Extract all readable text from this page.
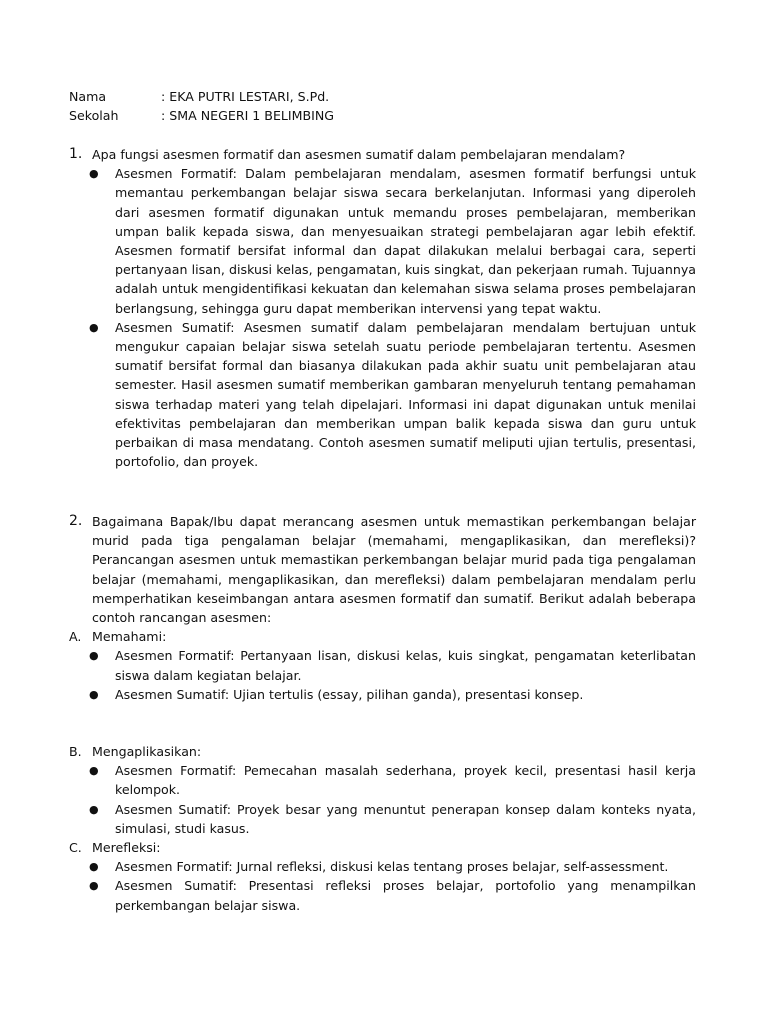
Nama	: EKA PUTRI LESTARI, S.Pd.
Sekolah	: SMA NEGERI 1 BELIMBING
1. Apa fungsi asesmen formatif dan asesmen sumatif dalam pembelajaran mendalam?
● Asesmen Formatif: Dalam pembelajaran mendalam, asesmen formatif berfungsi untuk memantau perkembangan belajar siswa secara berkelanjutan. Informasi yang diperoleh dari asesmen formatif digunakan untuk memandu proses pembelajaran, memberikan umpan balik kepada siswa, dan menyesuaikan strategi pembelajaran agar lebih efektif. Asesmen formatif bersifat informal dan dapat dilakukan melalui berbagai cara, seperti pertanyaan lisan, diskusi kelas, pengamatan, kuis singkat, dan pekerjaan rumah. Tujuannya adalah untuk mengidentifikasi kekuatan dan kelemahan siswa selama proses pembelajaran berlangsung, sehingga guru dapat memberikan intervensi yang tepat waktu.
● Asesmen Sumatif: Asesmen sumatif dalam pembelajaran mendalam bertujuan untuk mengukur capaian belajar siswa setelah suatu periode pembelajaran tertentu. Asesmen sumatif bersifat formal dan biasanya dilakukan pada akhir suatu unit pembelajaran atau semester. Hasil asesmen sumatif memberikan gambaran menyeluruh tentang pemahaman siswa terhadap materi yang telah dipelajari. Informasi ini dapat digunakan untuk menilai efektivitas pembelajaran dan memberikan umpan balik kepada siswa dan guru untuk perbaikan di masa mendatang. Contoh asesmen sumatif meliputi ujian tertulis, presentasi, portofolio, dan proyek.
2. Bagaimana Bapak/Ibu dapat merancang asesmen untuk memastikan perkembangan belajar murid pada tiga pengalaman belajar (memahami, mengaplikasikan, dan merefleksi)? Perancangan asesmen untuk memastikan perkembangan belajar murid pada tiga pengalaman belajar (memahami, mengaplikasikan, dan merefleksi) dalam pembelajaran mendalam perlu memperhatikan keseimbangan antara asesmen formatif dan sumatif. Berikut adalah beberapa contoh rancangan asesmen:
A. Memahami:
● Asesmen Formatif: Pertanyaan lisan, diskusi kelas, kuis singkat, pengamatan keterlibatan siswa dalam kegiatan belajar.
● Asesmen Sumatif: Ujian tertulis (essay, pilihan ganda), presentasi konsep.
B. Mengaplikasikan:
● Asesmen Formatif: Pemecahan masalah sederhana, proyek kecil, presentasi hasil kerja kelompok.
● Asesmen Sumatif: Proyek besar yang menuntut penerapan konsep dalam konteks nyata, simulasi, studi kasus.
C. Merefleksi:
● Asesmen Formatif: Jurnal refleksi, diskusi kelas tentang proses belajar, self-assessment.
● Asesmen Sumatif: Presentasi refleksi proses belajar, portofolio yang menampilkan perkembangan belajar siswa.
